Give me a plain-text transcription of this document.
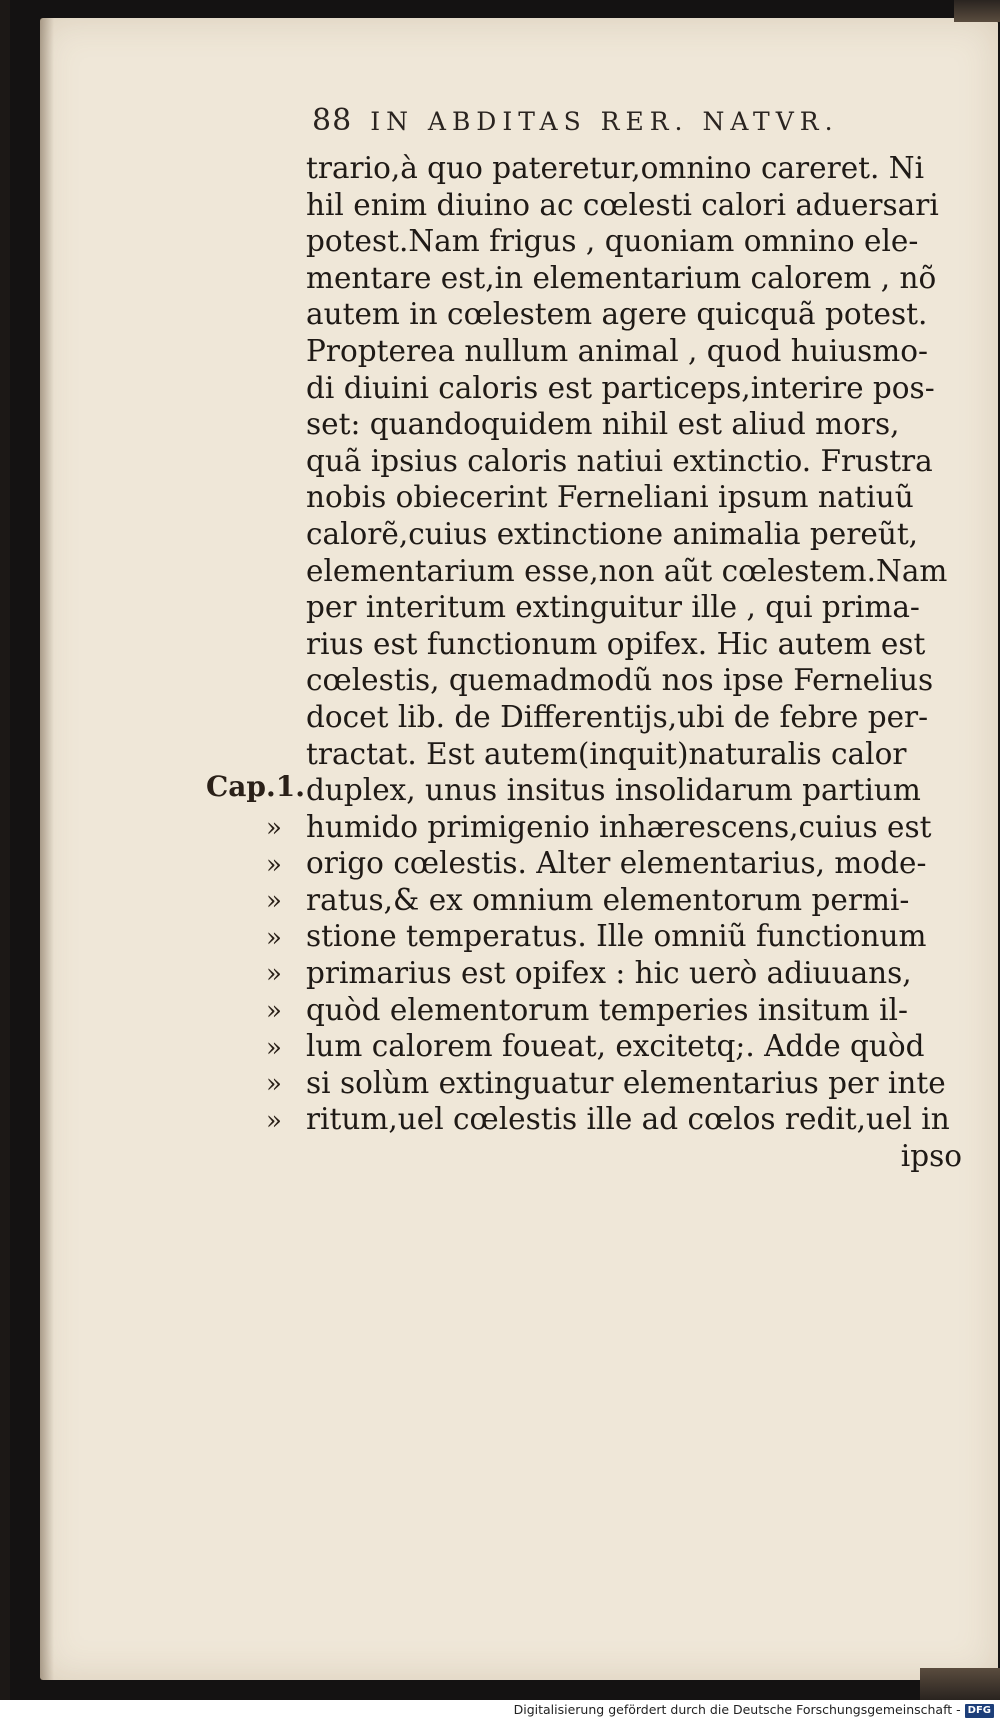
88 IN ABDITAS RER. NATVR.
Cap.1.
»
»
»
»
»
»
»
»
»
trario,à quo pateretur,omnino careret. Ni
hil enim diuino ac cœlesti calori aduersari
potest.Nam frigus , quoniam omnino ele-
mentare est,in elementarium calorem , nõ
autem in cœlestem agere quicquã potest.
Propterea nullum animal , quod huiusmo-
di diuini caloris est particeps,interire pos-
set: quandoquidem nihil est aliud mors,
quã ipsius caloris natiui extinctio. Frustra
nobis obiecerint Ferneliani ipsum natiuũ
calorẽ,cuius extinctione animalia pereũt,
elementarium esse,non aũt cœlestem.Nam
per interitum extinguitur ille , qui prima-
rius est functionum opifex. Hic autem est
cœlestis, quemadmodũ nos ipse Fernelius
docet lib. de Differentijs,ubi de febre per-
tractat. Est autem(inquit)naturalis calor
duplex, unus insitus insolidarum partium
humido primigenio inhærescens,cuius est
origo cœlestis. Alter elementarius, mode-
ratus,& ex omnium elementorum permi-
stione temperatus. Ille omniũ functionum
primarius est opifex : hic uerò adiuuans,
quòd elementorum temperies insitum il-
lum calorem foueat, excitetq;. Adde quòd
si solùm extinguatur elementarius per inte
ritum,uel cœlestis ille ad cœlos redit,uel in
ipso
Digitalisierung gefördert durch die Deutsche Forschungsgemeinschaft - DFG
